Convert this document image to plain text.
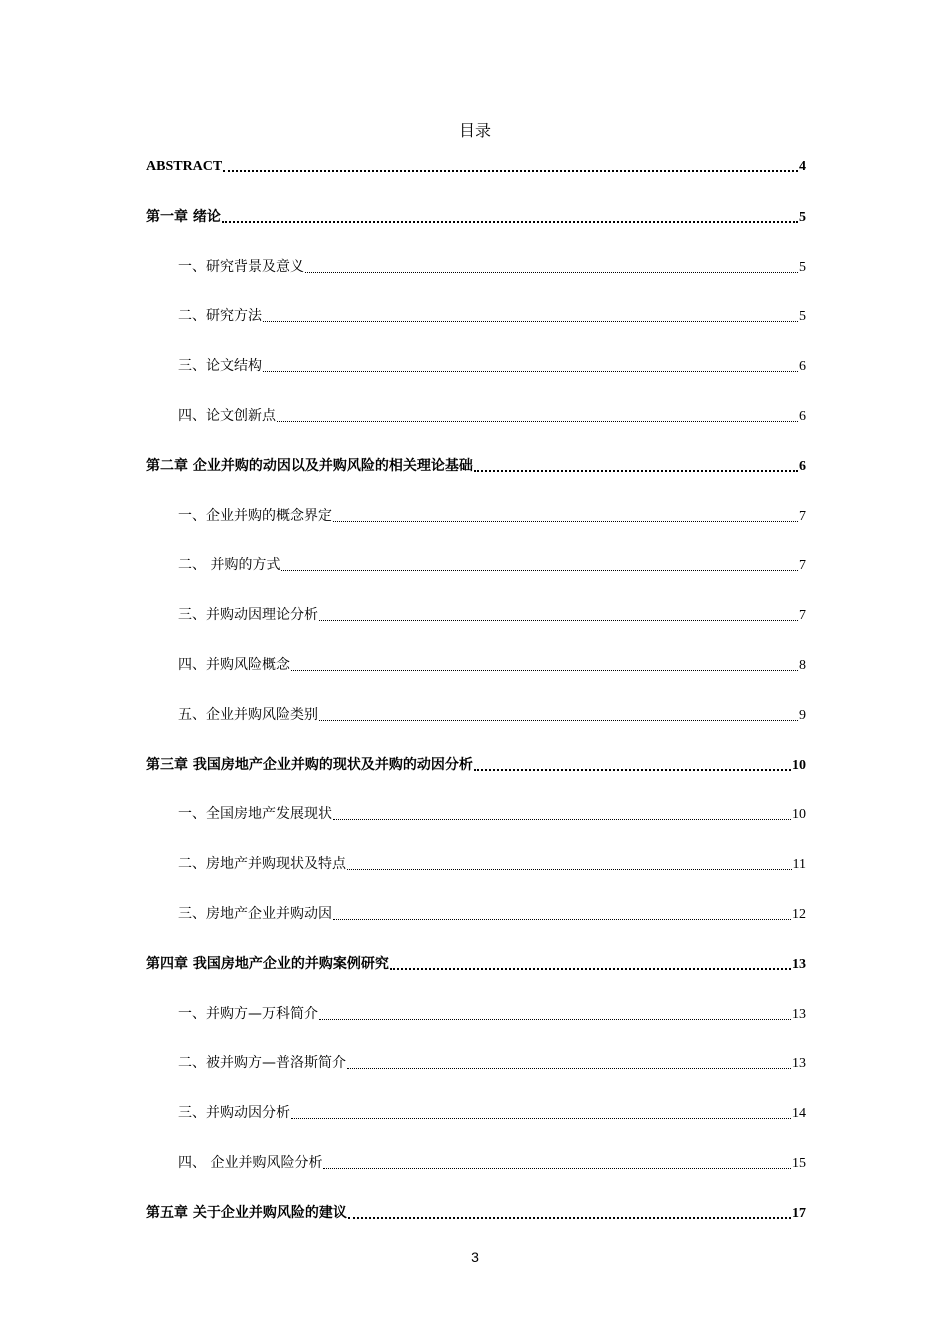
目录
ABSTRACT	4
第一章 绪论	5
一、研究背景及意义	5
二、研究方法	5
三、论文结构	6
四、论文创新点	6
第二章 企业并购的动因以及并购风险的相关理论基础	6
一、企业并购的概念界定	7
二、 并购的方式	7
三、并购动因理论分析	7
四、并购风险概念	8
五、企业并购风险类别	9
第三章 我国房地产企业并购的现状及并购的动因分析	10
一、全国房地产发展现状	10
二、房地产并购现状及特点	11
三、房地产企业并购动因	12
第四章 我国房地产企业的并购案例研究	13
一、并购方—万科简介	13
二、被并购方—普洛斯简介	13
三、并购动因分析	14
四、 企业并购风险分析	15
第五章 关于企业并购风险的建议	17
3
